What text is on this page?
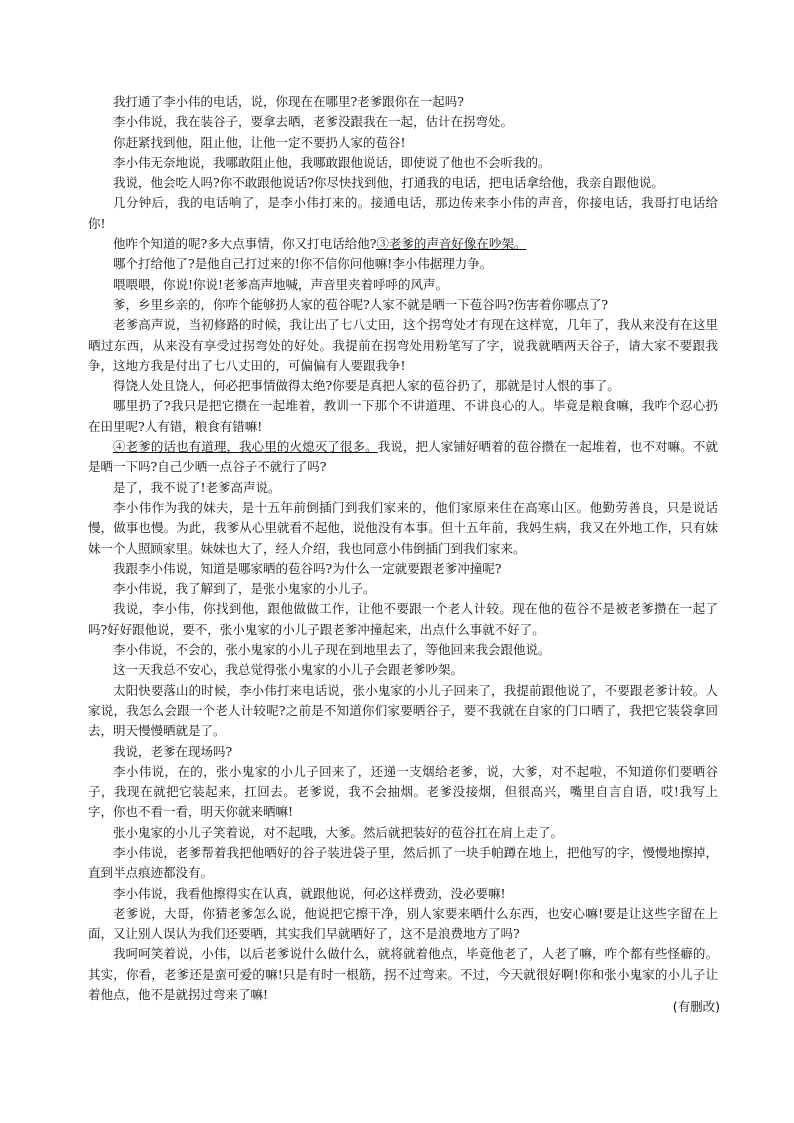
我打通了李小伟的电话，说，你现在在哪里?老爹跟你在一起吗?

李小伟说，我在装谷子，要拿去晒，老爹没跟我在一起，估计在拐弯处。

你赶紧找到他，阻止他，让他一定不要扔人家的苞谷!

李小伟无奈地说，我哪敢阻止他，我哪敢跟他说话，即使说了他也不会听我的。

我说，他会吃人吗?你不敢跟他说话?你尽快找到他，打通我的电话，把电话拿给他，我亲自跟他说。

几分钟后，我的电话响了，是李小伟打来的。接通电话，那边传来李小伟的声音，你接电话，我哥打电话给你!

他咋个知道的呢?多大点事情，你又打电话给他?③老爹的声音好像在吵架。

哪个打给他了?是他自己打过来的!你不信你问他嘛!李小伟据理力争。

喂喂喂，你说!你说!老爹高声地喊，声音里夹着呼呼的风声。

爹，乡里乡亲的，你咋个能够扔人家的苞谷呢?人家不就是晒一下苞谷吗?伤害着你哪点了?

老爹高声说，当初修路的时候，我让出了七八丈田，这个拐弯处才有现在这样宽，几年了，我从来没有在这里晒过东西，从来没有享受过拐弯处的好处。我提前在拐弯处用粉笔写了字，说我就晒两天谷子，请大家不要跟我争，这地方我是付出了七八丈田的，可偏偏有人要跟我争!

得饶人处且饶人，何必把事情做得太绝?你要是真把人家的苞谷扔了，那就是讨人恨的事了。

哪里扔了?我只是把它攒在一起堆着，教训一下那个不讲道理、不讲良心的人。毕竟是粮食嘛，我咋个忍心扔在田里呢?人有错，粮食有错嘛!

④老爹的话也有道理，我心里的火熄灭了很多。我说，把人家铺好晒着的苞谷攒在一起堆着，也不对嘛。不就是晒一下吗?自己少晒一点谷子不就行了吗?

是了，我不说了!老爹高声说。

李小伟作为我的妹夫，是十五年前倒插门到我们家来的，他们家原来住在高寒山区。他勤劳善良，只是说话慢，做事也慢。为此，我爹从心里就看不起他，说他没有本事。但十五年前，我妈生病，我又在外地工作，只有妹妹一个人照顾家里。妹妹也大了，经人介绍，我也同意小伟倒插门到我们家来。

我跟李小伟说，知道是哪家晒的苞谷吗?为什么一定就要跟老爹冲撞呢?

李小伟说，我了解到了，是张小鬼家的小儿子。

我说，李小伟，你找到他，跟他做做工作，让他不要跟一个老人计较。现在他的苞谷不是被老爹攒在一起了吗?好好跟他说，要不，张小鬼家的小儿子跟老爹冲撞起来，出点什么事就不好了。

李小伟说，不会的，张小鬼家的小儿子现在到地里去了，等他回来我会跟他说。

这一天我总不安心，我总觉得张小鬼家的小儿子会跟老爹吵架。

太阳快要落山的时候，李小伟打来电话说，张小鬼家的小儿子回来了，我提前跟他说了，不要跟老爹计较。人家说，我怎么会跟一个老人计较呢?之前是不知道你们家要晒谷子，要不我就在自家的门口晒了，我把它装袋拿回去，明天慢慢晒就是了。

我说，老爹在现场吗?

李小伟说，在的，张小鬼家的小儿子回来了，还递一支烟给老爹，说，大爹，对不起啦，不知道你们要晒谷子，我现在就把它装起来，扛回去。老爹说，我不会抽烟。老爹没接烟，但很高兴，嘴里自言自语，哎!我写上字，你也不看一看，明天你就来晒嘛!

张小鬼家的小儿子笑着说，对不起哦，大爹。然后就把装好的苞谷扛在肩上走了。

李小伟说，老爹帮着我把他晒好的谷子装进袋子里，然后抓了一块手帕蹲在地上，把他写的字，慢慢地擦掉，直到半点痕迹都没有。

李小伟说，我看他擦得实在认真，就跟他说，何必这样费劲，没必要嘛!

老爹说，大哥，你猜老爹怎么说，他说把它擦干净，别人家要来晒什么东西，也安心嘛!要是让这些字留在上面，又让别人误认为我们还要晒，其实我们早就晒好了，这不是浪费地方了吗?

我呵呵笑着说，小伟，以后老爹说什么做什么，就将就着他点，毕竟他老了，人老了嘛，咋个都有些怪癖的。其实，你看，老爹还是蛮可爱的嘛!只是有时一根筋，拐不过弯来。不过，今天就很好啊!你和张小鬼家的小儿子让着他点，他不是就拐过弯来了嘛!

(有删改)
